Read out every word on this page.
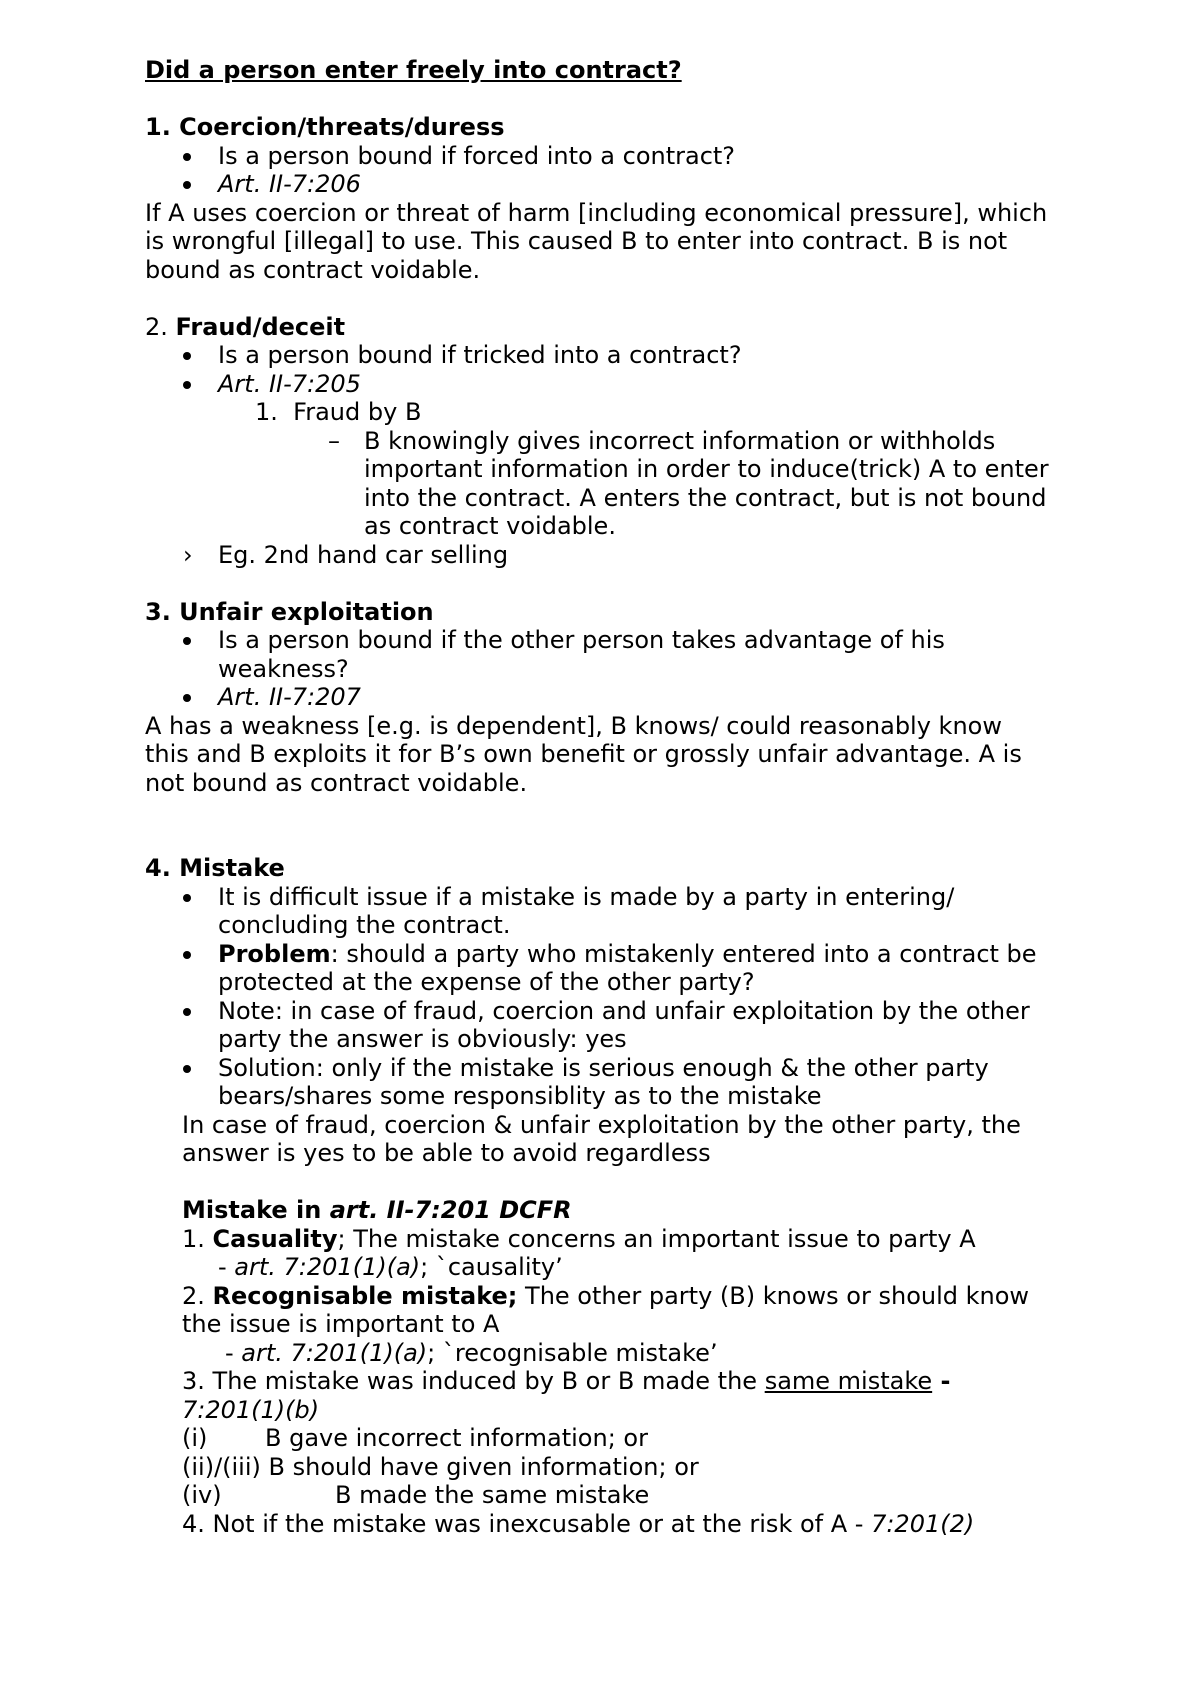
Did a person enter freely into contract?
1. Coercion/threats/duress
Is a person bound if forced into a contract?
Art. II-7:206
If A uses coercion or threat of harm [including economical pressure], which
is wrongful [illegal] to use. This caused B to enter into contract. B is not
bound as contract voidable.
2. Fraud/deceit
Is a person bound if tricked into a contract?
Art. II-7:205
1. Fraud by B
– B knowingly gives incorrect information or withholds
important information in order to induce(trick) A to enter
into the contract. A enters the contract, but is not bound
as contract voidable.
› Eg. 2nd hand car selling
3. Unfair exploitation
Is a person bound if the other person takes advantage of his
weakness?
Art. II-7:207
A has a weakness [e.g. is dependent], B knows/ could reasonably know
this and B exploits it for B’s own benefit or grossly unfair advantage. A is
not bound as contract voidable.
4. Mistake
It is difficult issue if a mistake is made by a party in entering/
concluding the contract.
Problem: should a party who mistakenly entered into a contract be
protected at the expense of the other party?
Note: in case of fraud, coercion and unfair exploitation by the other
party the answer is obviously: yes
Solution: only if the mistake is serious enough & the other party
bears/shares some responsiblity as to the mistake
In case of fraud, coercion & unfair exploitation by the other party, the
answer is yes to be able to avoid regardless
Mistake in art. II-7:201 DCFR
1. Casuality; The mistake concerns an important issue to party A
- art. 7:201(1)(a); `causality’
2. Recognisable mistake; The other party (B) knows or should know
the issue is important to A
- art. 7:201(1)(a); `recognisable mistake’
3. The mistake was induced by B or B made the same mistake -
7:201(1)(b)
(i) B gave incorrect information; or
(ii)/(iii) B should have given information; or
(iv)	B made the same mistake
4. Not if the mistake was inexcusable or at the risk of A - 7:201(2)
